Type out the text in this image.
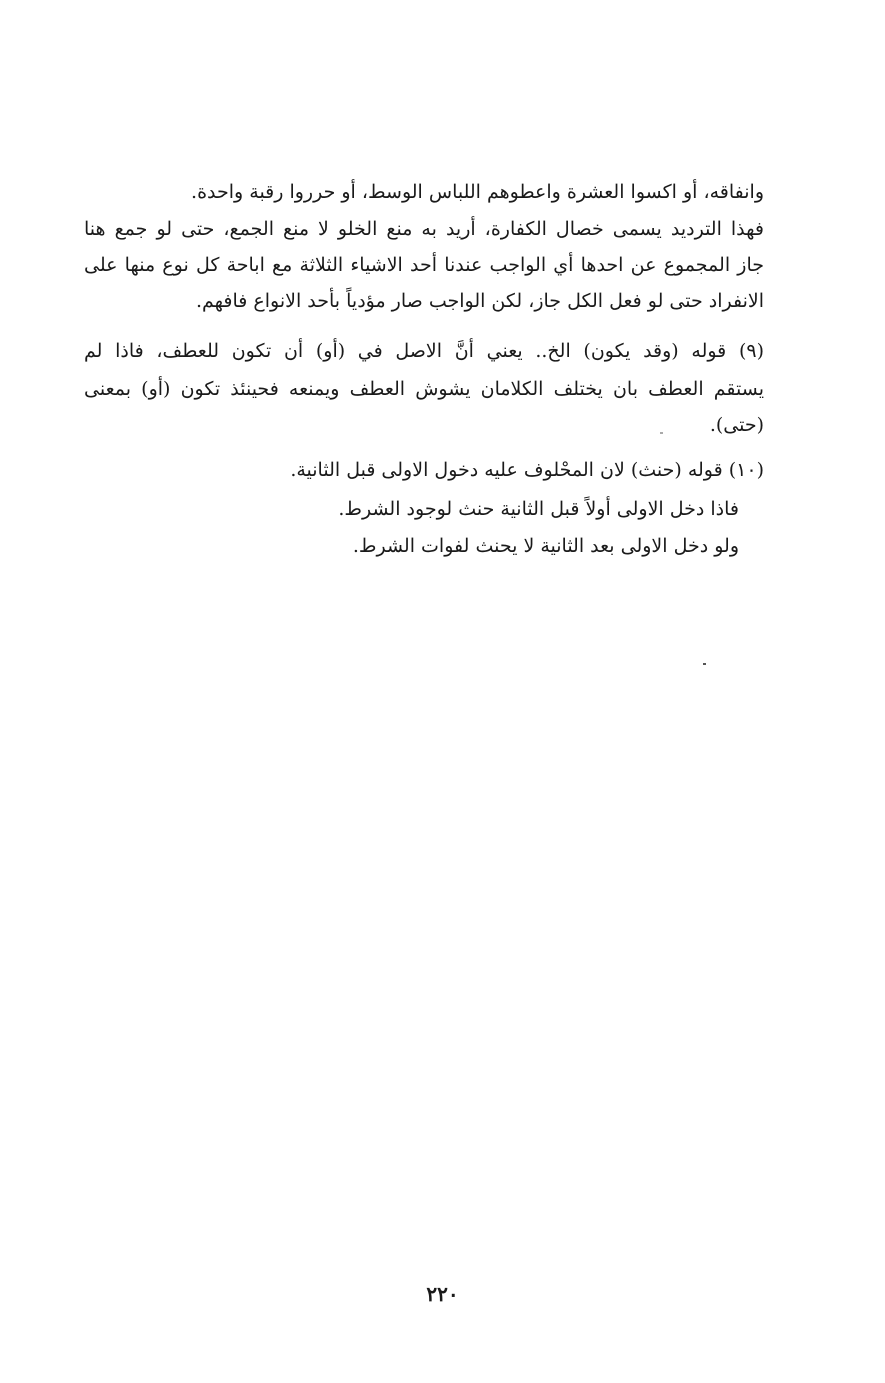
وانفاقه، أو اكسوا العشرة واعطوهم اللباس الوسط، أو حرروا رقبة واحدة.
فهذا الترديد يسمى خصال الكفارة، أريد به منع الخلو لا منع الجمع، حتى لو جمع هنا
جاز المجموع عن احدها أي الواجب عندنا أحد الاشياء الثلاثة مع اباحة كل نوع منها على
الانفراد حتى لو فعل الكل جاز، لكن الواجب صار مؤدياً بأحد الانواع فافهم.
(٩) قوله (وقد يكون) الخ.. يعني أنَّ الاصل في (أو) أن تكون للعطف، فاذا لم
يستقم العطف بان يختلف الكلامان يشوش العطف ويمنعه فحينئذ تكون (أو) بمعنى
(حتى).
(١٠) قوله (حنث) لان المحْلوف عليه دخول الاولى قبل الثانية.
فاذا دخل الاولى أولاً قبل الثانية حنث لوجود الشرط.
ولو دخل الاولى بعد الثانية لا يحنث لفوات الشرط.
٢٢٠
